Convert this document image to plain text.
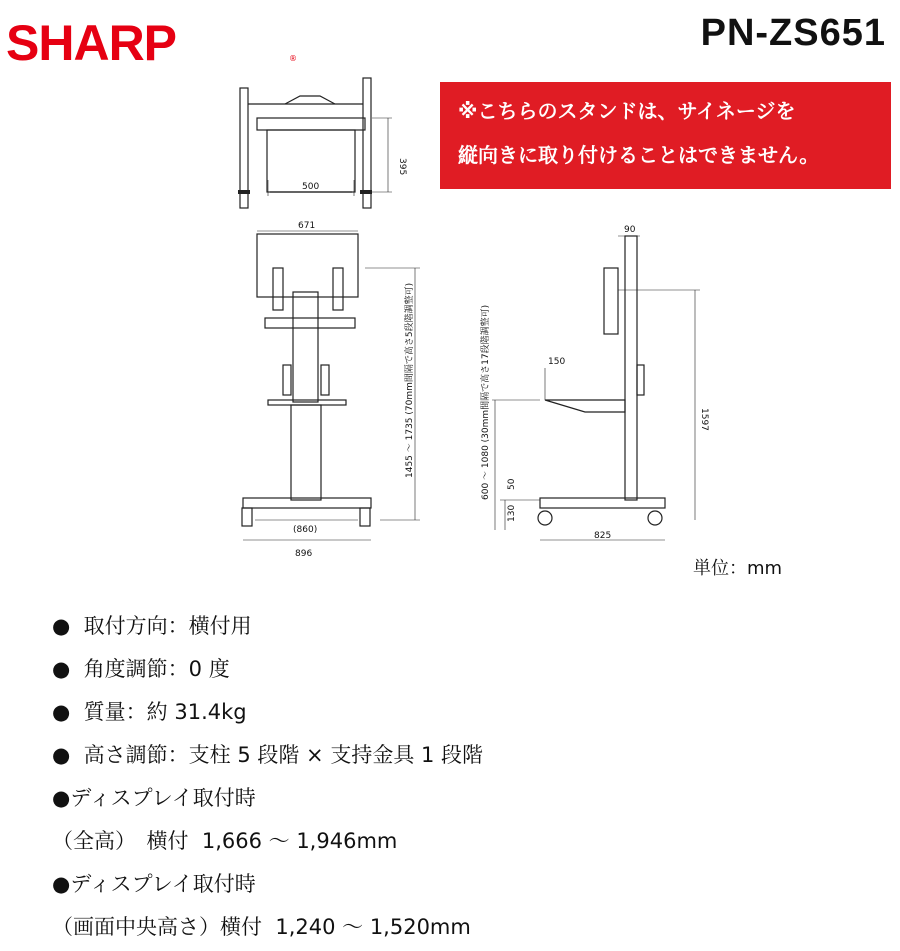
SHARP	®
PN-ZS651
※こちらのスタンドは、サイネージを
縦向きに取り付けることはできません。
500
395
671
1455 ～ 1735 (70mm間隔で高さ5段階調整可)
(860)
896
90
1597
150
600 ～ 1080 (30mm間隔で高さ17段階調整可) 50
130
825
単位：mm
●  取付方向：横付用
●  角度調節：0 度
●  質量：約 31.4kg
●  高さ調節：支柱 5 段階 × 支持金具 1 段階
●ディスプレイ取付時
（全高）　横付  1,666 ～ 1,946mm
●ディスプレイ取付時
（画面中央高さ）横付  1,240 ～ 1,520mm
